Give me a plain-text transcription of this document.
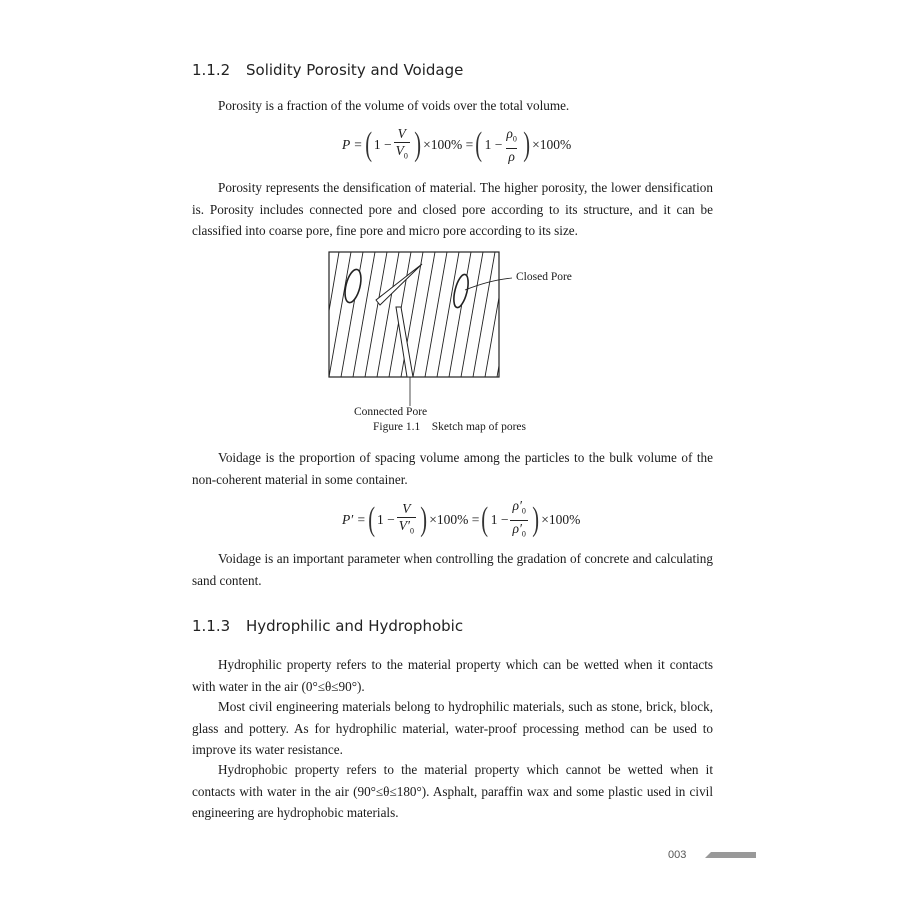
1.1.2 Solidity Porosity and Voidage

Porosity is a fraction of the volume of voids over the total volume.

P = ( $1 - \frac{V}{V_0}$ ) ×100% = ( $1 - \frac{\rho_0}{\rho}$ ) ×100%

Porosity represents the densification of material. The higher porosity, the lower densification is. Porosity includes connected pore and closed pore according to its structure, and it can be classified into coarse pore, fine pore and micro pore according to its size.

Closed Pore
Connected Pore
Figure 1.1    Sketch map of pores

Voidage is the proportion of spacing volume among the particles to the bulk volume of the non-coherent material in some container.

P′ = ( $1 - \frac{V}{V'_0}$ ) ×100% = ( $1 - \frac{\rho'_0}{\rho'_0}$ ) ×100%

Voidage is an important parameter when controlling the gradation of concrete and calculating sand content.

1.1.3 Hydrophilic and Hydrophobic

Hydrophilic property refers to the material property which can be wetted when it contacts with water in the air (0°≤θ≤90°).

Most civil engineering materials belong to hydrophilic materials, such as stone, brick, block, glass and pottery. As for hydrophilic material, water-proof processing method can be used to improve its water resistance.

Hydrophobic property refers to the material property which cannot be wetted when it contacts with water in the air (90°≤θ≤180°). Asphalt, paraffin wax and some plastic used in civil engineering are hydrophobic materials.

003
